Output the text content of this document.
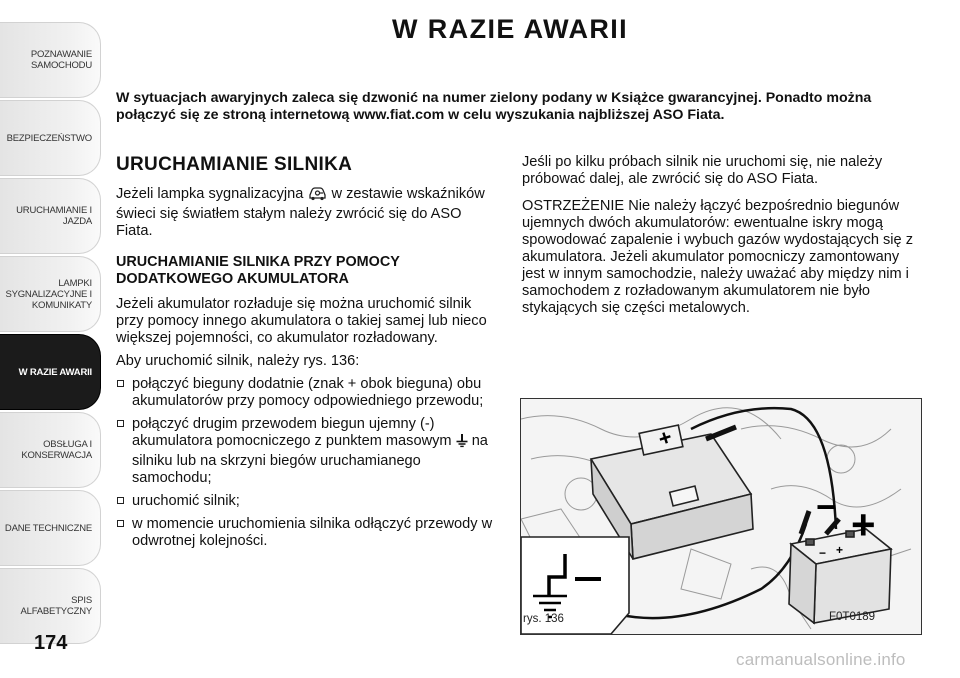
POZNAWANIE
SAMOCHODU
BEZPIECZEŃSTWO
URUCHAMIANIE I
JAZDA
LAMPKI
SYGNALIZACYJNE I
KOMUNIKATY
W RAZIE AWARII
OBSŁUGA I
KONSERWACJA
DANE TECHNICZNE
SPIS ALFABETYCZNY
174
W RAZIE AWARII
W sytuacjach awaryjnych zaleca się dzwonić na numer zielony podany w Książce gwarancyjnej. Ponadto można połączyć się ze stroną internetową www.fiat.com w celu wyszukania najbliższej ASO Fiata.
URUCHAMIANIE SILNIKA

Jeżeli lampka sygnalizacyjna  w zestawie wskaźników świeci się światłem stałym należy zwrócić się do ASO Fiata.

URUCHAMIANIE SILNIKA PRZY POMOCY DODATKOWEGO AKUMULATORA

Jeżeli akumulator rozładuje się można uruchomić silnik przy pomocy innego akumulatora o takiej samej lub nieco większej pojemności, co akumulator rozładowany.

Aby uruchomić silnik, należy rys. 136:

połączyć bieguny dodatnie (znak + obok bieguna) obu akumulatorów przy pomocy odpowiedniego przewodu;
połączyć drugim przewodem biegun ujemny (-) akumulatora pomocniczego z punktem masowym  na silniku lub na skrzyni biegów uruchamianego samochodu;
uruchomić silnik;
w momencie uruchomienia silnika odłączyć przewody w odwrotnej kolejności.

Jeśli po kilku próbach silnik nie uruchomi się, nie należy próbować dalej, ale zwrócić się do ASO Fiata.

OSTRZEŻENIE Nie należy łączyć bezpośrednio biegunów ujemnych dwóch akumulatorów: ewentualne iskry mogą spowodować zapalenie i wybuch gazów wydostających się z akumulatora. Jeżeli akumulator pomocniczy zamontowany jest w innym samochodzie, należy uważać aby między nim i samochodem z rozładowanym akumulatorem nie było stykających się części metalowych.

+
− +
− +
rys. 136	F0T0189
carmanualsonline.info
